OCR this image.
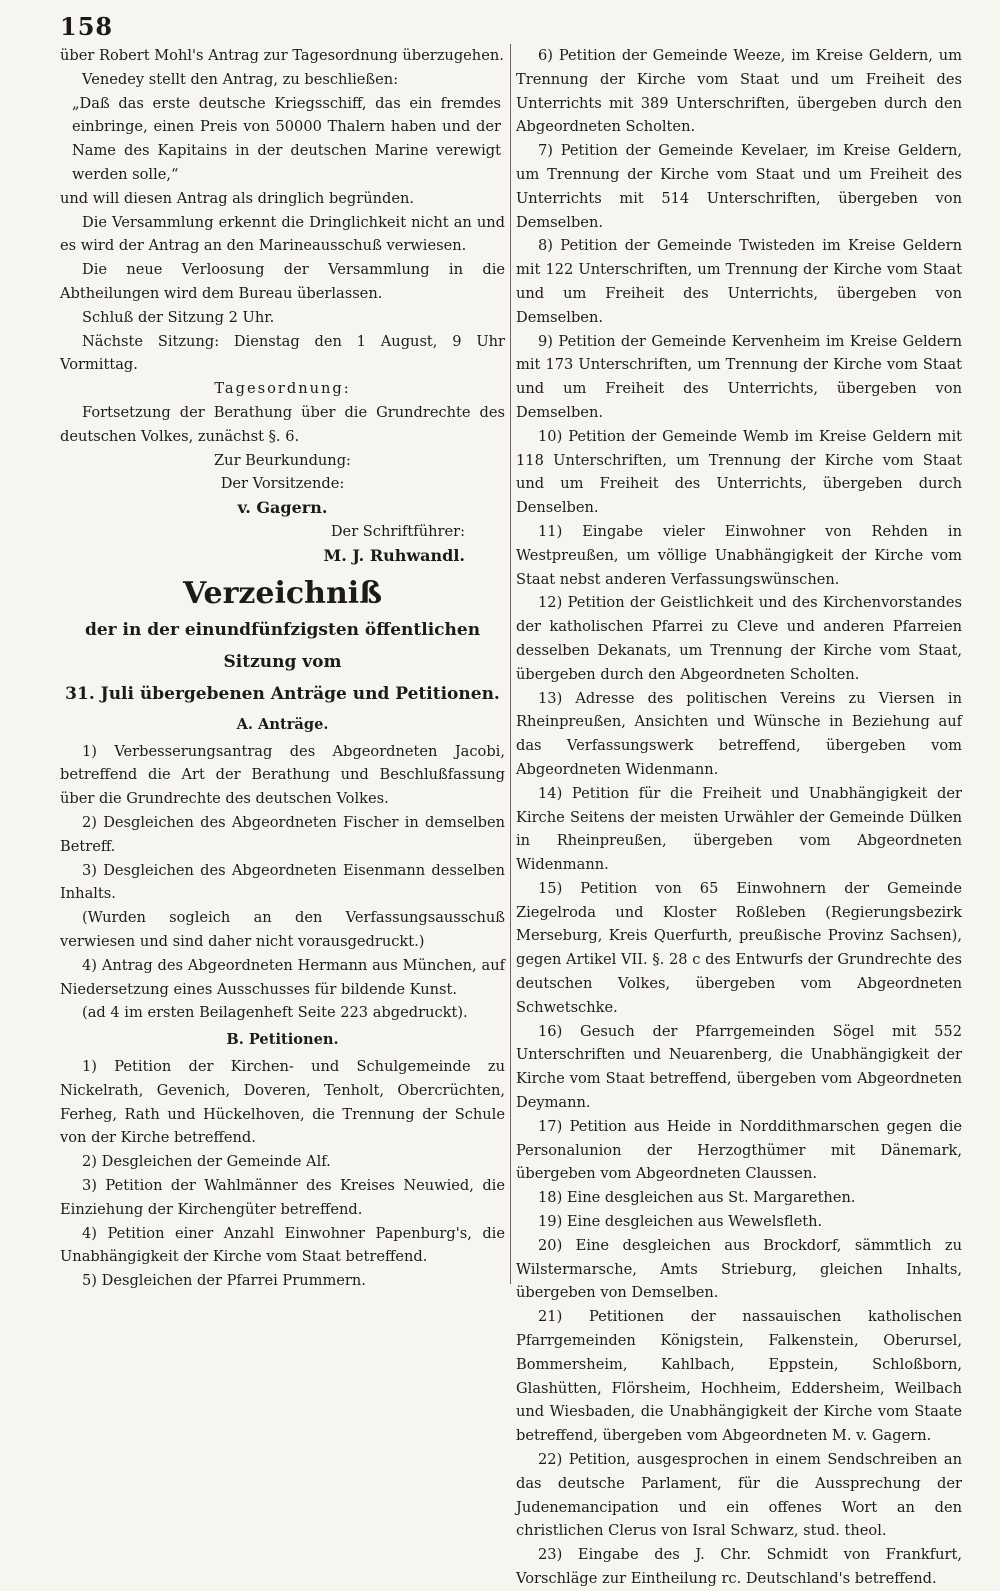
158

über Robert Mohl's Antrag zur Tagesordnung überzugehen.

Venedey stellt den Antrag, zu beschließen:

„Daß das erste deutsche Kriegsschiff, das ein fremdes einbringe, einen Preis von 50000 Thalern haben und der Name des Kapitains in der deutschen Marine verewigt werden solle,“

und will diesen Antrag als dringlich begründen.

Die Versammlung erkennt die Dringlichkeit nicht an und es wird der Antrag an den Marineausschuß verwiesen.

Die neue Verloosung der Versammlung in die Abtheilungen wird dem Bureau überlassen.

Schluß der Sitzung 2 Uhr.

Nächste Sitzung: Dienstag den 1 August, 9 Uhr Vormittag.

Tagesordnung:

Fortsetzung der Berathung über die Grundrechte des deutschen Volkes, zunächst §. 6.

Zur Beurkundung:

Der Vorsitzende:

v. Gagern.

Der Schriftführer:

M. J. Ruhwandl.

Verzeichniß

der in der einundfünfzigsten öffentlichen Sitzung vom

31. Juli übergebenen Anträge und Petitionen.

A. Anträge.

1) Verbesserungsantrag des Abgeordneten Jacobi, betreffend die Art der Berathung und Beschlußfassung über die Grundrechte des deutschen Volkes.

2) Desgleichen des Abgeordneten Fischer in demselben Betreff.

3) Desgleichen des Abgeordneten Eisenmann desselben Inhalts.

(Wurden sogleich an den Verfassungsausschuß verwiesen und sind daher nicht vorausgedruckt.)

4) Antrag des Abgeordneten Hermann aus München, auf Niedersetzung eines Ausschusses für bildende Kunst.

(ad 4 im ersten Beilagenheft Seite 223 abgedruckt).

B. Petitionen.

1) Petition der Kirchen- und Schulgemeinde zu Nickelrath, Gevenich, Doveren, Tenholt, Obercrüchten, Ferheg, Rath und Hückelhoven, die Trennung der Schule von der Kirche betreffend.

2) Desgleichen der Gemeinde Alf.

3) Petition der Wahlmänner des Kreises Neuwied, die Einziehung der Kirchengüter betreffend.

4) Petition einer Anzahl Einwohner Papenburg's, die Unabhängigkeit der Kirche vom Staat betreffend.

5) Desgleichen der Pfarrei Prummern.

6) Petition der Gemeinde Weeze, im Kreise Geldern, um Trennung der Kirche vom Staat und um Freiheit des Unterrichts mit 389 Unterschriften, übergeben durch den Abgeordneten Scholten.

7) Petition der Gemeinde Kevelaer, im Kreise Geldern, um Trennung der Kirche vom Staat und um Freiheit des Unterrichts mit 514 Unterschriften, übergeben von Demselben.

8) Petition der Gemeinde Twisteden im Kreise Geldern mit 122 Unterschriften, um Trennung der Kirche vom Staat und um Freiheit des Unterrichts, übergeben von Demselben.

9) Petition der Gemeinde Kervenheim im Kreise Geldern mit 173 Unterschriften, um Trennung der Kirche vom Staat und um Freiheit des Unterrichts, übergeben von Demselben.

10) Petition der Gemeinde Wemb im Kreise Geldern mit 118 Unterschriften, um Trennung der Kirche vom Staat und um Freiheit des Unterrichts, übergeben durch Denselben.

11) Eingabe vieler Einwohner von Rehden in Westpreußen, um völlige Unabhängigkeit der Kirche vom Staat nebst anderen Verfassungswünschen.

12) Petition der Geistlichkeit und des Kirchenvorstandes der katholischen Pfarrei zu Cleve und anderen Pfarreien desselben Dekanats, um Trennung der Kirche vom Staat, übergeben durch den Abgeordneten Scholten.

13) Adresse des politischen Vereins zu Viersen in Rheinpreußen, Ansichten und Wünsche in Beziehung auf das Verfassungswerk betreffend, übergeben vom Abgeordneten Widenmann.

14) Petition für die Freiheit und Unabhängigkeit der Kirche Seitens der meisten Urwähler der Gemeinde Dülken in Rheinpreußen, übergeben vom Abgeordneten Widenmann.

15) Petition von 65 Einwohnern der Gemeinde Ziegelroda und Kloster Roßleben (Regierungsbezirk Merseburg, Kreis Querfurth, preußische Provinz Sachsen), gegen Artikel VII. §. 28 c des Entwurfs der Grundrechte des deutschen Volkes, übergeben vom Abgeordneten Schwetschke.

16) Gesuch der Pfarrgemeinden Sögel mit 552 Unterschriften und Neuarenberg, die Unabhängigkeit der Kirche vom Staat betreffend, übergeben vom Abgeordneten Deymann.

17) Petition aus Heide in Norddithmarschen gegen die Personalunion der Herzogthümer mit Dänemark, übergeben vom Abgeordneten Claussen.

18) Eine desgleichen aus St. Margarethen.

19) Eine desgleichen aus Wewelsfleth.

20) Eine desgleichen aus Brockdorf, sämmtlich zu Wilstermarsche, Amts Strieburg, gleichen Inhalts, übergeben von Demselben.

21) Petitionen der nassauischen katholischen Pfarrgemeinden Königstein, Falkenstein, Oberursel, Bommersheim, Kahlbach, Eppstein, Schloßborn, Glashütten, Flörsheim, Hochheim, Eddersheim, Weilbach und Wiesbaden, die Unabhängigkeit der Kirche vom Staate betreffend, übergeben vom Abgeordneten M. v. Gagern.

22) Petition, ausgesprochen in einem Sendschreiben an das deutsche Parlament, für die Aussprechung der Judenemancipation und ein offenes Wort an den christlichen Clerus von Isral Schwarz, stud. theol.

23) Eingabe des J. Chr. Schmidt von Frankfurt, Vorschläge zur Eintheilung rc. Deutschland's betreffend.
